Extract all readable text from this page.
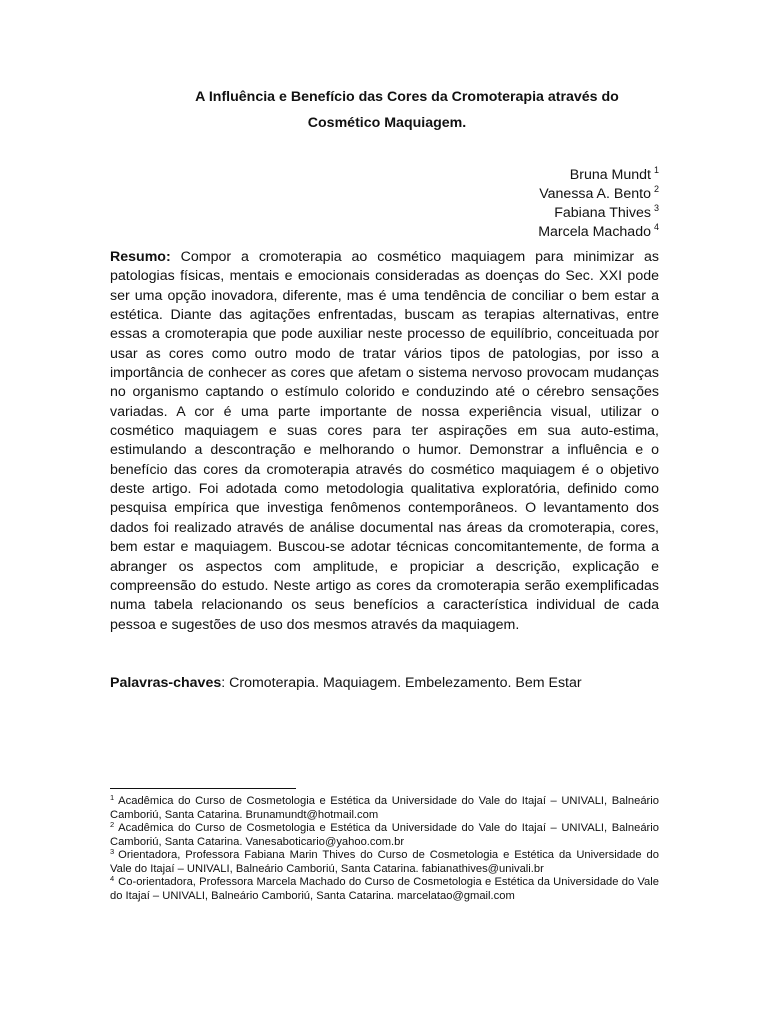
A Influência e Benefício das Cores da Cromoterapia através do
Cosmético Maquiagem.
Bruna Mundt $^1$
Vanessa A. Bento $^2$
Fabiana Thives $^3$
Marcela Machado $^4$
Resumo: Compor a cromoterapia ao cosmético maquiagem para minimizar as patologias físicas, mentais e emocionais consideradas as doenças do Sec. XXI pode ser uma opção inovadora, diferente, mas é uma tendência de conciliar o bem estar a estética. Diante das agitações enfrentadas, buscam as terapias alternativas, entre essas a cromoterapia que pode auxiliar neste processo de equilíbrio, conceituada por usar as cores como outro modo de tratar vários tipos de patologias, por isso a importância de conhecer as cores que afetam o sistema nervoso provocam mudanças no organismo captando o estímulo colorido e conduzindo até o cérebro sensações variadas. A cor é uma parte importante de nossa experiência visual, utilizar o cosmético maquiagem e suas cores para ter aspirações em sua auto-estima, estimulando a descontração e melhorando o humor. Demonstrar a influência e o benefício das cores da cromoterapia através do cosmético maquiagem é o objetivo deste artigo. Foi adotada como metodologia qualitativa exploratória, definido como pesquisa empírica que investiga fenômenos contemporâneos. O levantamento dos dados foi realizado através de análise documental nas áreas da cromoterapia, cores, bem estar e maquiagem. Buscou-se adotar técnicas concomitantemente, de forma a abranger os aspectos com amplitude, e propiciar a descrição, explicação e compreensão do estudo. Neste artigo as cores da cromoterapia serão exemplificadas numa tabela relacionando os seus benefícios a característica individual de cada pessoa e sugestões de uso dos mesmos através da maquiagem.
Palavras-chaves: Cromoterapia. Maquiagem. Embelezamento. Bem Estar
$^1$ Acadêmica do Curso de Cosmetologia e Estética da Universidade do Vale do Itajaí – UNIVALI, Balneário Camboriú, Santa Catarina. Brunamundt@hotmail.com
$^2$ Acadêmica do Curso de Cosmetologia e Estética da Universidade do Vale do Itajaí – UNIVALI, Balneário Camboriú, Santa Catarina. Vanesaboticario@yahoo.com.br
$^3$ Orientadora, Professora Fabiana Marin Thives do Curso de Cosmetologia e Estética da Universidade do Vale do Itajaí – UNIVALI, Balneário Camboriú, Santa Catarina. fabianathives@univali.br
$^4$ Co-orientadora, Professora Marcela Machado do Curso de Cosmetologia e Estética da Universidade do Vale do Itajaí – UNIVALI, Balneário Camboriú, Santa Catarina. marcelatao@gmail.com
